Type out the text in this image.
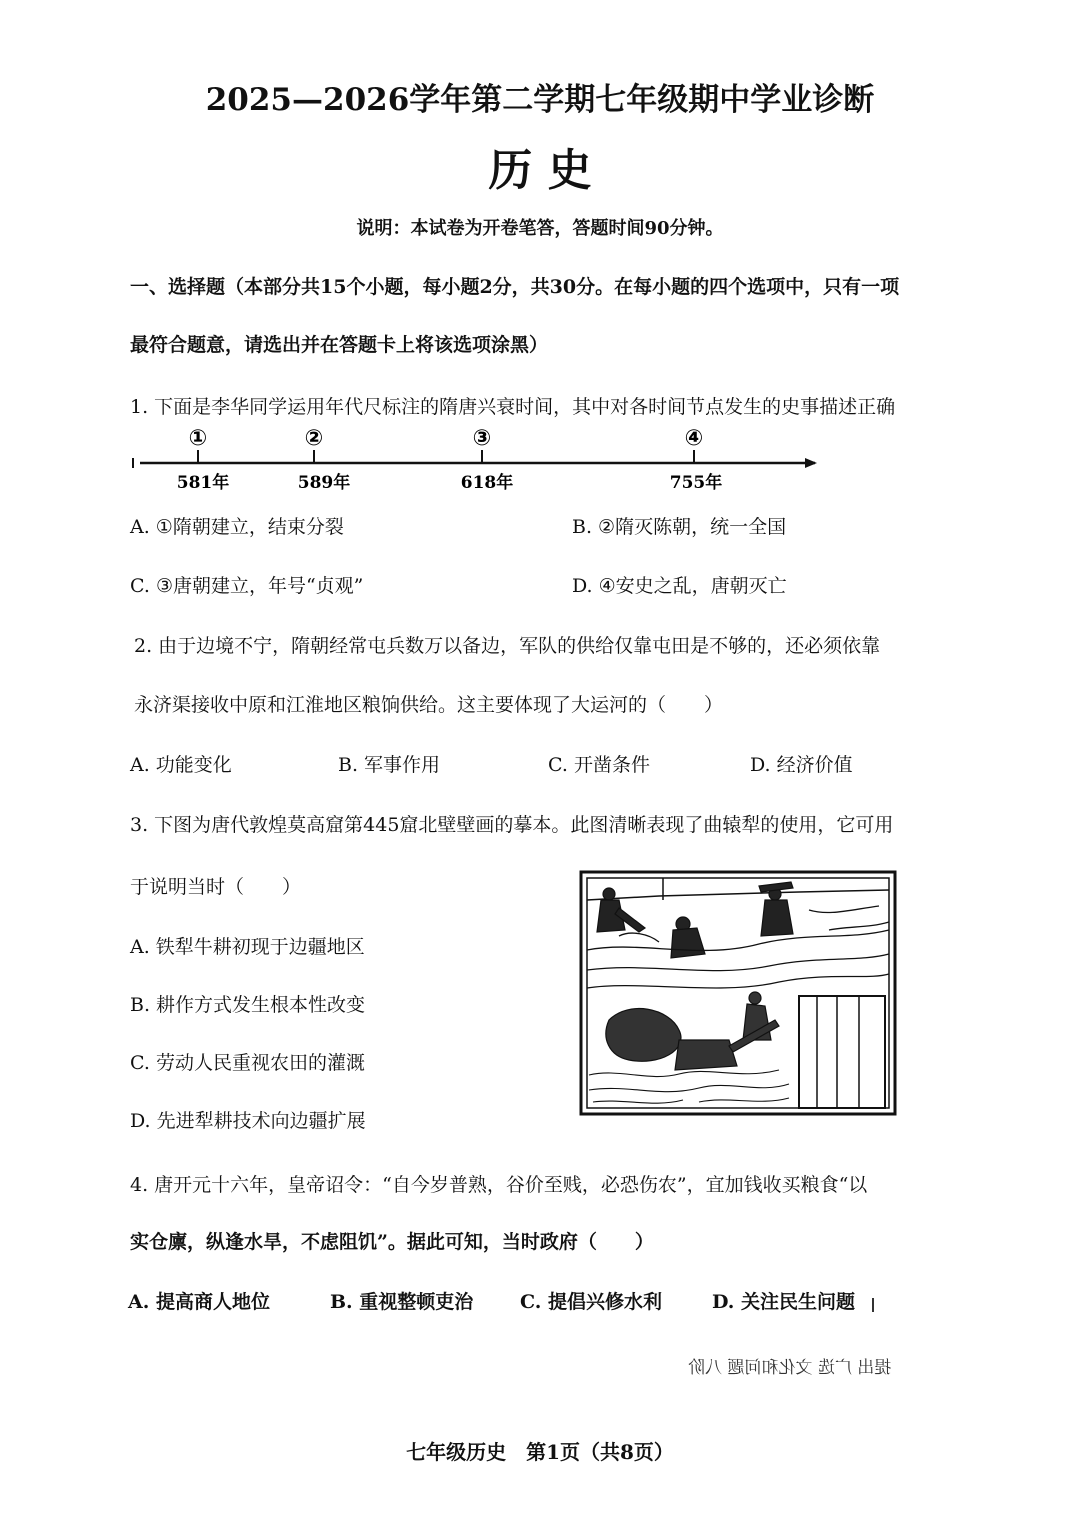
2025—2026学年第二学期七年级期中学业诊断
历 史
说明：本试卷为开卷笔答，答题时间90分钟。
一、选择题（本部分共15个小题，每小题2分，共30分。在每小题的四个选项中，只有一项
最符合题意，请选出并在答题卡上将该选项涂黑）
1. 下面是李华同学运用年代尺标注的隋唐兴衰时间，其中对各时间节点发生的史事描述正确
①
581年
②
589年
③
618年
④
755年
A. ①隋朝建立，结束分裂	B. ②隋灭陈朝，统一全国
C. ③唐朝建立，年号“贞观”	D. ④安史之乱，唐朝灭亡
2. 由于边境不宁，隋朝经常屯兵数万以备边，军队的供给仅靠屯田是不够的，还必须依靠
永济渠接收中原和江淮地区粮饷供给。这主要体现了大运河的（　　）
A. 功能变化	B. 军事作用	C. 开凿条件	D. 经济价值
3. 下图为唐代敦煌莫高窟第445窟北壁壁画的摹本。此图清晰表现了曲辕犁的使用，它可用
于说明当时（　　）
A. 铁犁牛耕初现于边疆地区
B. 耕作方式发生根本性改变
C. 劳动人民重视农田的灌溉
D. 先进犁耕技术向边疆扩展
4. 唐开元十六年，皇帝诏令：“自今岁普熟，谷价至贱，必恐伤农”，宜加钱收买粮食“以
实仓廪，纵逢水旱，不虑阻饥”。据此可知，当时政府（　　）
A. 提高商人地位	B. 重视整顿吏治 C. 提倡兴修水利	D. 关注民生问题
提出 广选 文化和问题 八阶
七年级历史　第1页（共8页）
